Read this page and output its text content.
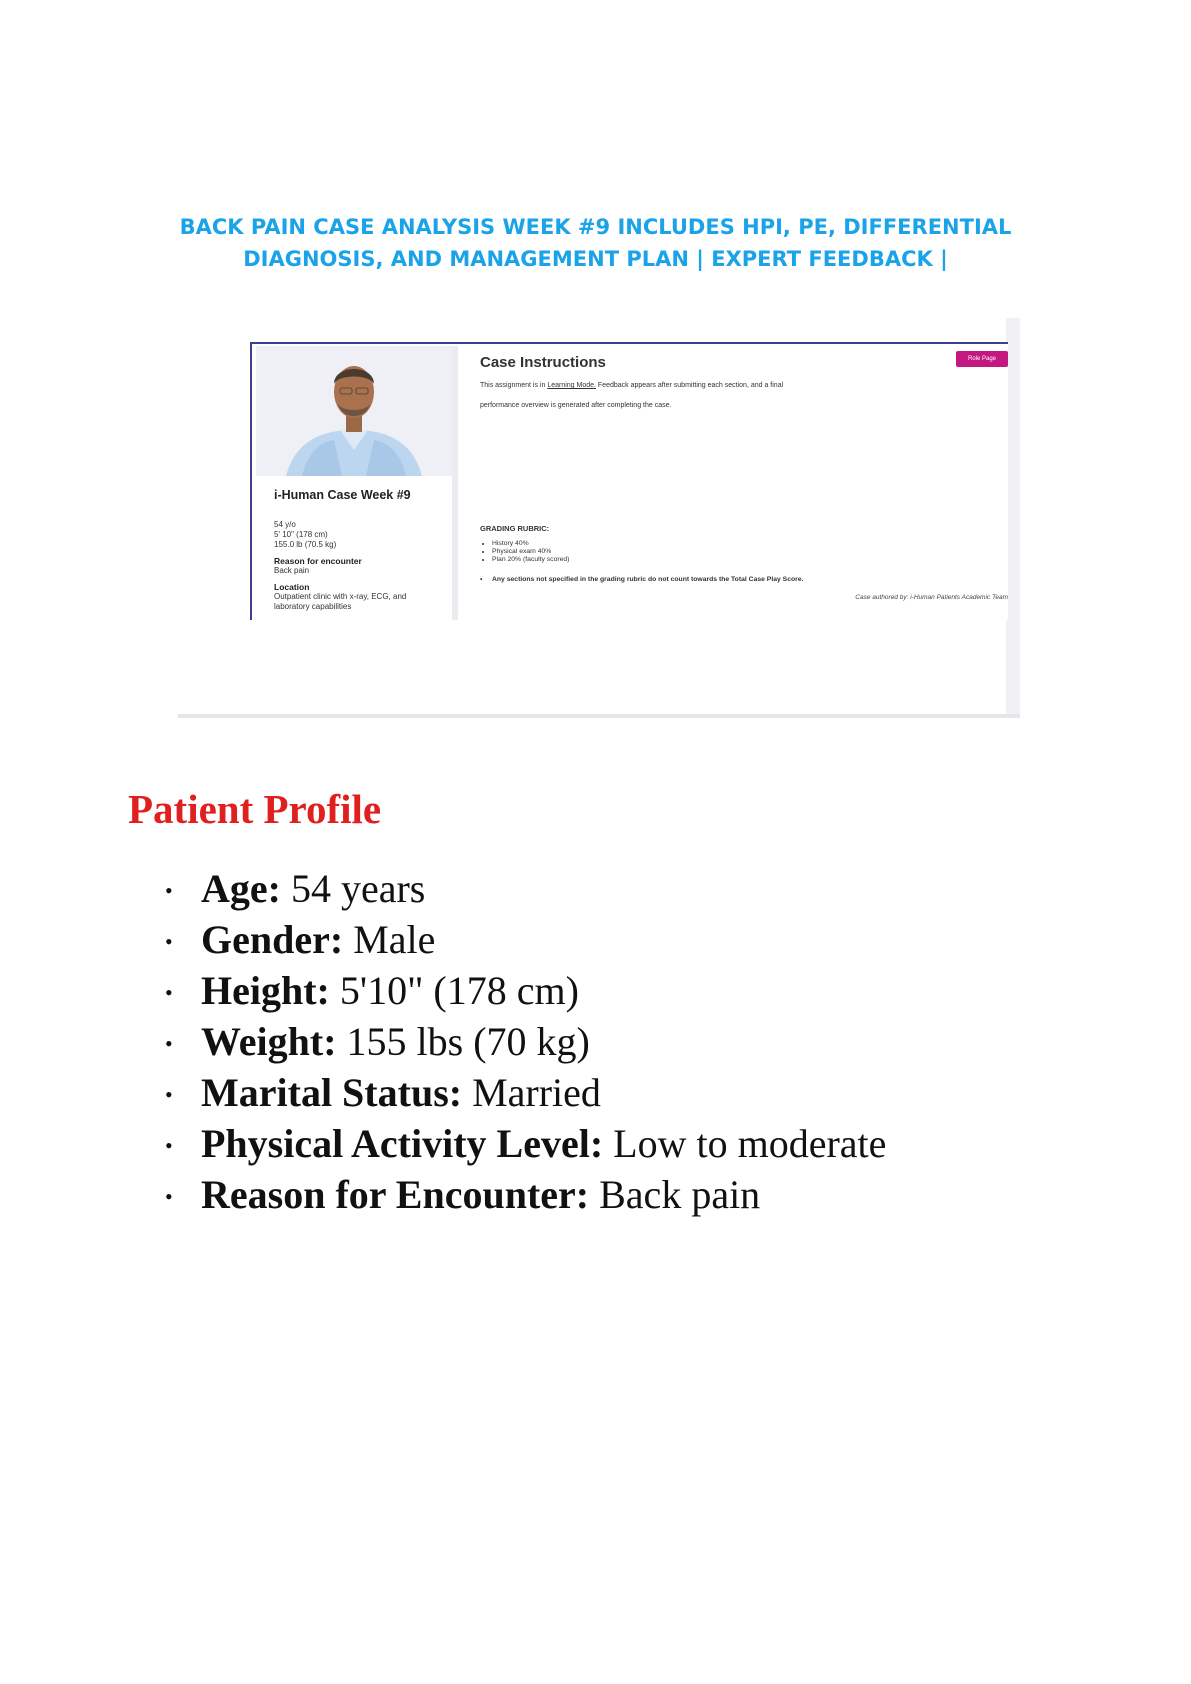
BACK PAIN CASE ANALYSIS WEEK #9 INCLUDES HPI, PE, DIFFERENTIAL
DIAGNOSIS, AND MANAGEMENT PLAN | EXPERT FEEDBACK |
i-Human Case Week #9
54 y/o
5' 10" (178 cm)
155.0 lb (70.5 kg)
Reason for encounter
Back pain
Location
Outpatient clinic with x-ray, ECG, and laboratory capabilities
Case Instructions	Role Page
This assignment is in Learning Mode. Feedback appears after submitting each section, and a final
performance overview is generated after completing the case.
GRADING RUBRIC:
• History 40%
• Physical exam 40%
• Plan 20% (faculty scored)
• Any sections not specified in the grading rubric do not count towards the Total Case Play Score.
Case authored by: i-Human Patients Academic Team
Patient Profile
• Age: 54 years
• Gender: Male
• Height: 5'10" (178 cm)
• Weight: 155 lbs (70 kg)
• Marital Status: Married
• Physical Activity Level: Low to moderate
• Reason for Encounter: Back pain
